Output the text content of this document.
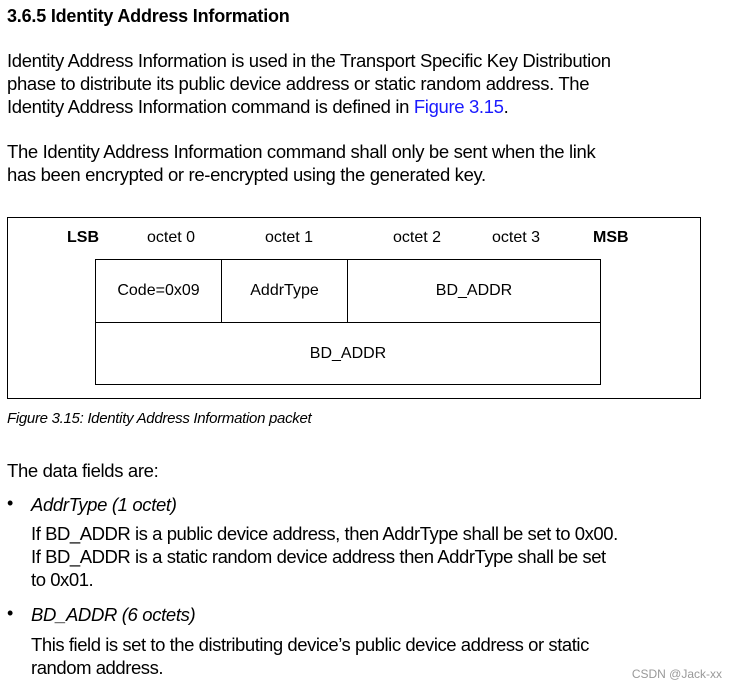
3.6.5 Identity Address Information
Identity Address Information is used in the Transport Specific Key Distribution
phase to distribute its public device address or static random address. The
Identity Address Information command is defined in Figure 3.15.
The Identity Address Information command shall only be sent when the link
has been encrypted or re-encrypted using the generated key.
LSB	octet 0	octet 1	octet 2	octet 3	MSB
Code=0x09	AddrType	BD_ADDR
BD_ADDR
Figure 3.15: Identity Address Information packet
The data fields are:
• AddrType (1 octet)
If BD_ADDR is a public device address, then AddrType shall be set to 0x00.
If BD_ADDR is a static random device address then AddrType shall be set
to 0x01.
• BD_ADDR (6 octets)
This field is set to the distributing device’s public device address or static
random address.	CSDN @Jack-xx
